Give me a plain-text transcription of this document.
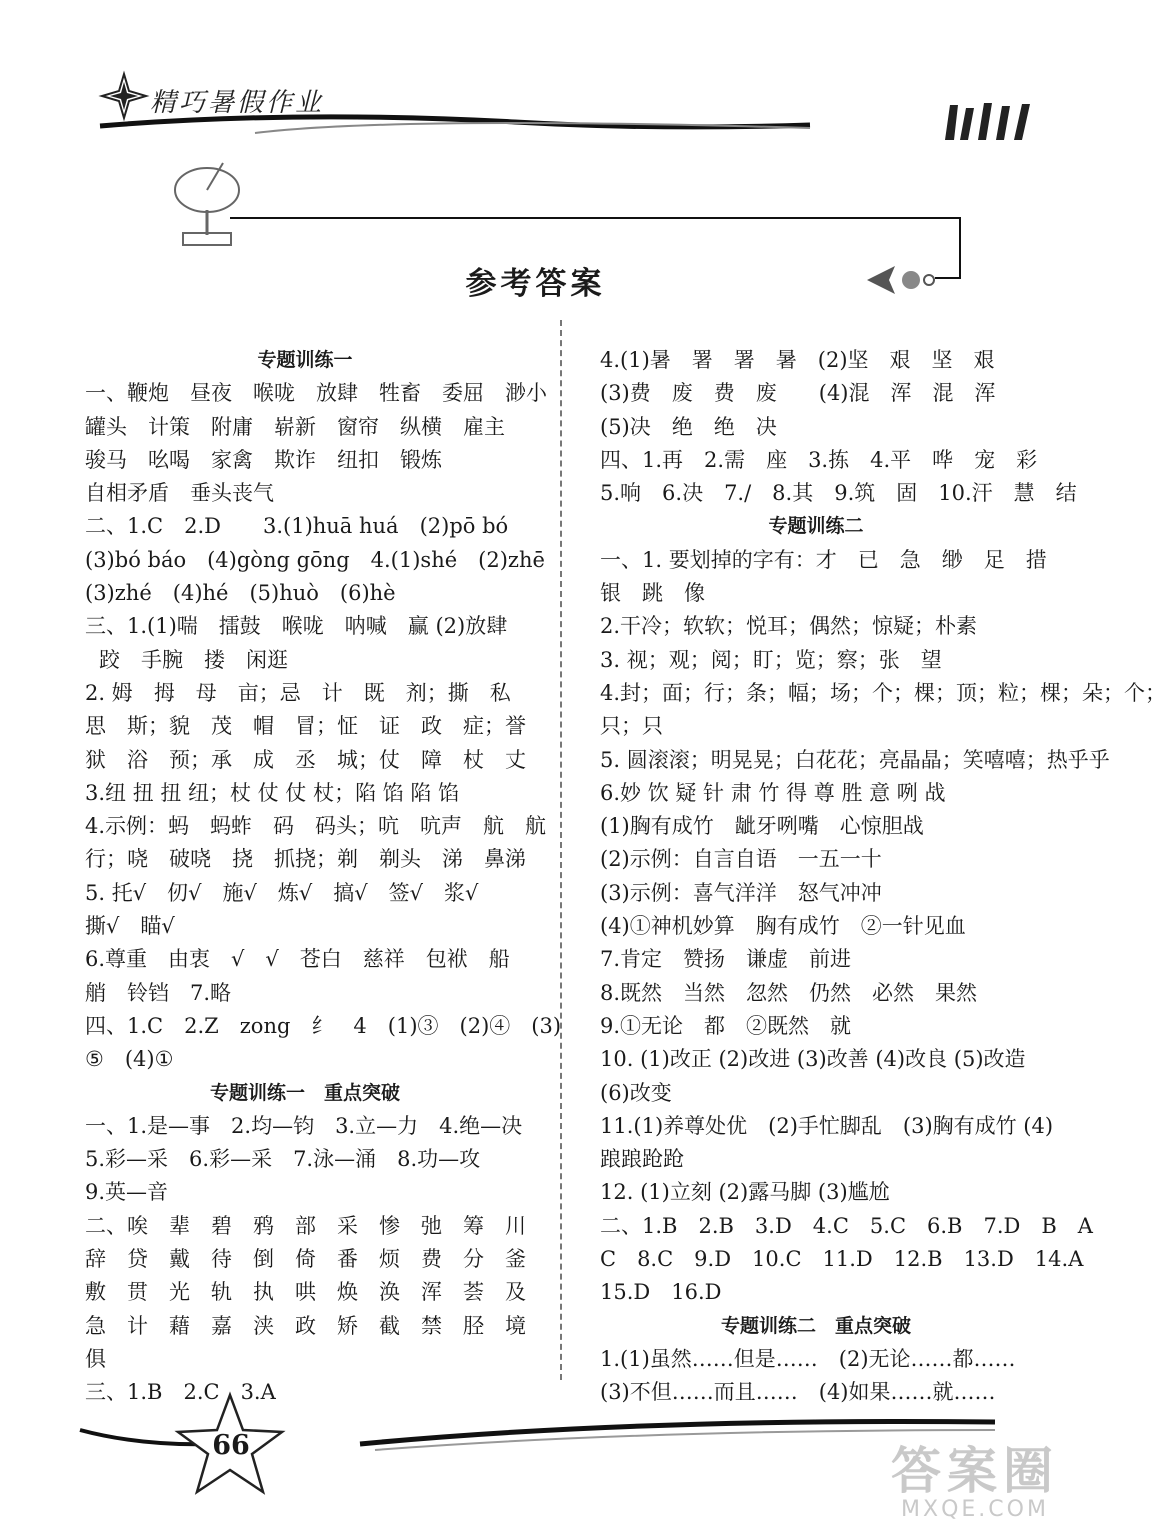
精巧暑假作业
参考答案
专题训练一
一、鞭炮　昼夜　喉咙　放肆　牲畜　委屈　渺小
罐头　计策　附庸　崭新　窗帘　纵横　雇主
骏马　吆喝　家禽　欺诈　纽扣　锻炼
自相矛盾　垂头丧气
二、1.C　2.D　　3.(1)huā huá　(2)pō bó
(3)bó báo　(4)gòng gōng　4.(1)shé　(2)zhē
(3)zhé　(4)hé　(5)huò　(6)hè
三、1.(1)喘　擂鼓　喉咙　呐喊　赢 (2)放肆
跤　手腕　搂　闲逛
2. 姆　拇　母　亩；忌　计　既　剂；撕　私
思　斯；貌　茂　帽　冒；怔　证　政　症；誉
狱　浴　预；承　成　丞　城；仗　障　杖　丈
3.纽 扭 扭 纽；杖 仗 仗 杖；陷 馅 陷 馅
4.示例：蚂　蚂蚱　码　码头；吭　吭声　航　航
行；哓　破哓　挠　抓挠；剃　剃头　涕　鼻涕
5. 托√　仞√　施√　炼√　搞√　签√　浆√
撕√　瞄√
6.尊重　由衷　√　√　苍白　慈祥　包袱　船
艄　铃铛　7.略
四、1.C　2.Z　zong　纟　4　(1)③　(2)④　(3)
⑤　(4)①
专题训练一　重点突破
一、1.是—事　2.均—钧　3.立—力　4.绝—决
5.彩—采　6.彩—采　7.泳—涌　8.功—攻
9.英—音
二、唉　辈　碧　鸦　部　采　惨　弛　筹　川
辞　贷　戴　待　倒　倚　番　烦　费　分　釜
敷　贯　光　轨　执　哄　焕　涣　浑　荟　及
急　计　藉　嘉　浃　政　矫　截　禁　胫　境
俱
三、1.B　2.C　3.A
4.(1)暑　署　署　暑　(2)坚　艰　坚　艰
(3)费　废　费　废　　(4)混　浑　混　浑
(5)决　绝　绝　决
四、1.再　2.需　座　3.拣　4.平　哗　宠　彩
5.响　6.决　7./　8.其　9.筑　固　10.汗　慧　结
专题训练二
一、1. 要划掉的字有：才　已　急　缈　足　措
银　跳　像
2.干冷；软软；悦耳；偶然；惊疑；朴素
3. 视；观；阅；盯；览；察；张　望
4.封；面；行；条；幅；场；个；棵；顶；粒；棵；朵；个；
只；只
5. 圆滚滚；明晃晃；白花花；亮晶晶；笑嘻嘻；热乎乎
6.妙 饮 疑 针 肃 竹 得 尊 胜 意 咧 战
(1)胸有成竹　龇牙咧嘴　心惊胆战
(2)示例：自言自语　一五一十
(3)示例：喜气洋洋　怒气冲冲
(4)①神机妙算　胸有成竹　②一针见血
7.肯定　赞扬　谦虚　前进
8.既然　当然　忽然　仍然　必然　果然
9.①无论　都　②既然　就
10. (1)改正 (2)改进 (3)改善 (4)改良 (5)改造
(6)改变
11.(1)养尊处优　(2)手忙脚乱　(3)胸有成竹 (4)
踉踉跄跄
12. (1)立刻 (2)露马脚 (3)尴尬
二、1.B　2.B　3.D　4.C　5.C　6.B　7.D　B　A
C　8.C　9.D　10.C　11.D　12.B　13.D　14.A
15.D　16.D
专题训练二　重点突破
1.(1)虽然……但是……　(2)无论……都……
(3)不但……而且……　(4)如果……就……
66	答案圈
MXQE.COM
